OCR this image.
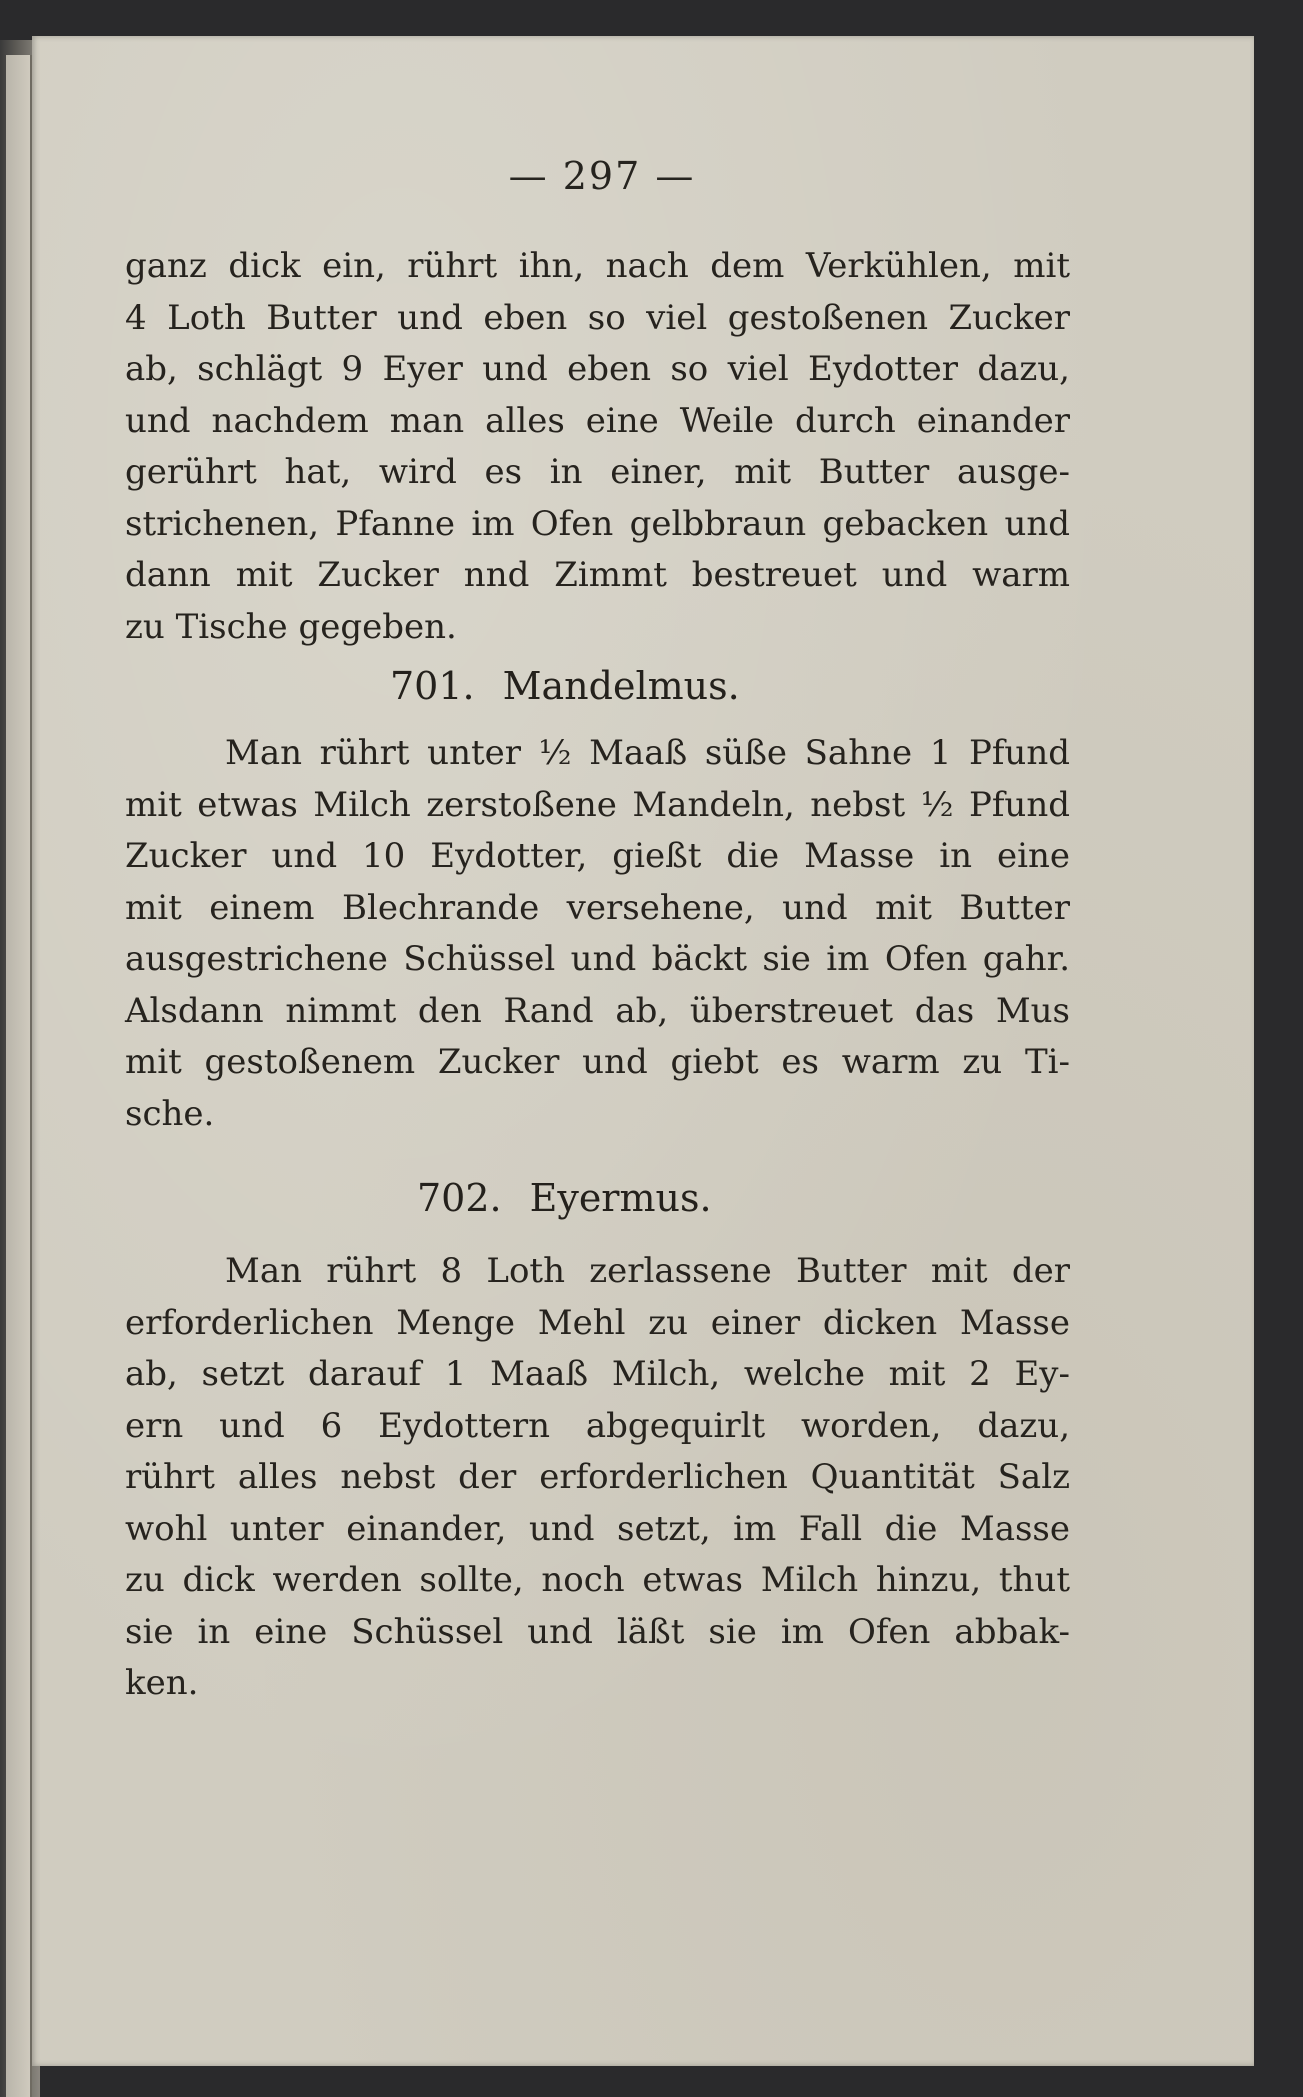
— 297 —
ganz dick ein, rührt ihn, nach dem Verkühlen, mit
4 Loth Butter und eben so viel gestoßenen Zucker
ab, schlägt 9 Eyer und eben so viel Eydotter dazu,
und nachdem man alles eine Weile durch einander
gerührt hat, wird es in einer, mit Butter ausge-
strichenen, Pfanne im Ofen gelbbraun gebacken und
dann mit Zucker nnd Zimmt bestreuet und warm
zu Tische gegeben.
701. Mandelmus.
Man rührt unter ½ Maaß süße Sahne 1 Pfund
mit etwas Milch zerstoßene Mandeln, nebst ½ Pfund
Zucker und 10 Eydotter, gießt die Masse in eine
mit einem Blechrande versehene, und mit Butter
ausgestrichene Schüssel und bäckt sie im Ofen gahr.
Alsdann nimmt den Rand ab, überstreuet das Mus
mit gestoßenem Zucker und giebt es warm zu Ti-
sche.
702. Eyermus.
Man rührt 8 Loth zerlassene Butter mit der
erforderlichen Menge Mehl zu einer dicken Masse
ab, setzt darauf 1 Maaß Milch, welche mit 2 Ey-
ern und 6 Eydottern abgequirlt worden, dazu,
rührt alles nebst der erforderlichen Quantität Salz
wohl unter einander, und setzt, im Fall die Masse
zu dick werden sollte, noch etwas Milch hinzu, thut
sie in eine Schüssel und läßt sie im Ofen abbak-
ken.
